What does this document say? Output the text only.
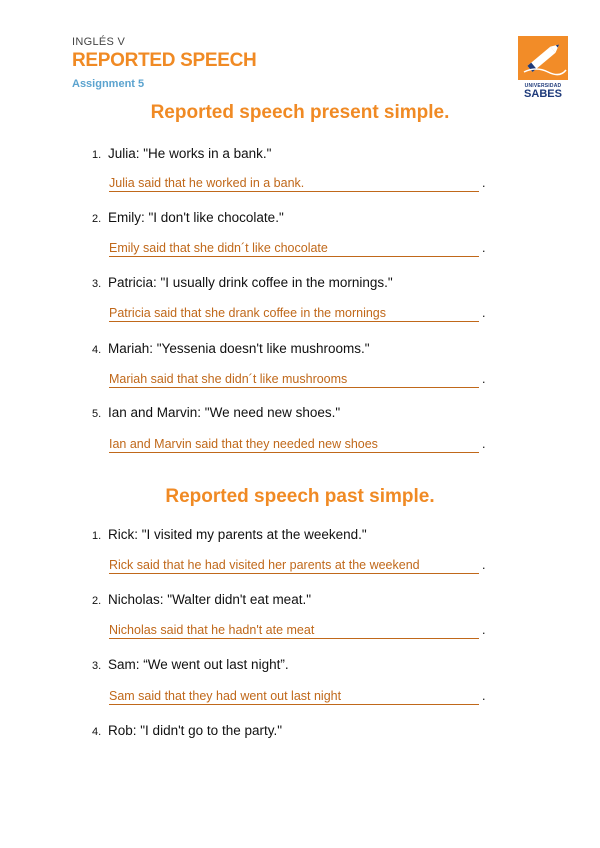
INGLÉS V
REPORTED SPEECH
Assignment 5	UNIVERSIDAD
SABES
Reported speech present simple.
1. Julia: "He works in a bank."
Julia said that he worked in a bank.	.
2. Emily: "I don't like chocolate."
Emily said that she didn´t like chocolate	.
3. Patricia: "I usually drink coffee in the mornings."
Patricia said that she drank coffee in the mornings	.
4. Mariah: "Yessenia doesn't like mushrooms."
Mariah said that she didn´t like mushrooms	.
5. Ian and Marvin: "We need new shoes."
Ian and Marvin said that they needed new shoes	.
Reported speech past simple.
1. Rick: "I visited my parents at the weekend."
Rick said that he had visited her parents at the weekend	.
2. Nicholas: "Walter didn't eat meat."
Nicholas said that he hadn't ate meat	.
3. Sam: “We went out last night”.
Sam said that they had went out last night	.
4. Rob: "I didn't go to the party."
